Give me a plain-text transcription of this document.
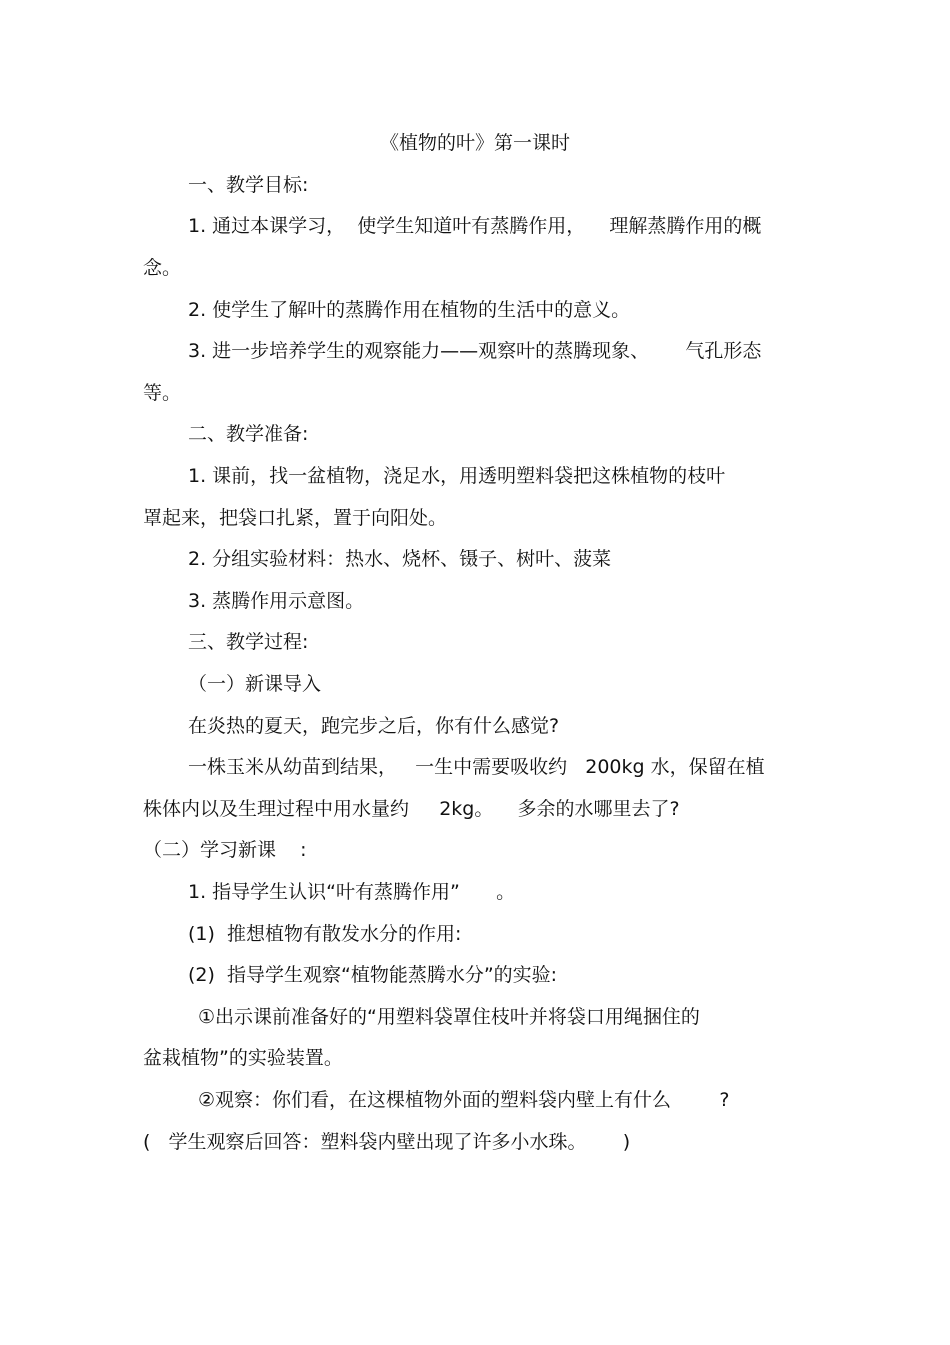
《植物的叶》第一课时
一、教学目标:
1. 通过本课学习，  使学生知道叶有蒸腾作用，    理解蒸腾作用的概
念。
2. 使学生了解叶的蒸腾作用在植物的生活中的意义。
3. 进一步培养学生的观察能力——观察叶的蒸腾现象、      气孔形态
等。
二、教学准备:
1. 课前，找一盆植物，浇足水，用透明塑料袋把这株植物的枝叶
罩起来，把袋口扎紧，置于向阳处。
2. 分组实验材料：热水、烧杯、镊子、树叶、菠菜
3. 蒸腾作用示意图。
三、教学过程:
（一）新课导入
在炎热的夏天，跑完步之后，你有什么感觉?
一株玉米从幼苗到结果，   一生中需要吸收约   200kg 水，保留在植
株体内以及生理过程中用水量约     2kg。    多余的水哪里去了?
（二）学习新课    :
1. 指导学生认识“叶有蒸腾作用”      。
(1)  推想植物有散发水分的作用:
(2)  指导学生观察“植物能蒸腾水分”的实验:
①出示课前准备好的“用塑料袋罩住枝叶并将袋口用绳捆住的
盆栽植物”的实验装置。
②观察：你们看，在这棵植物外面的塑料袋内壁上有什么        ?
(   学生观察后回答：塑料袋内壁出现了许多小水珠。      )
